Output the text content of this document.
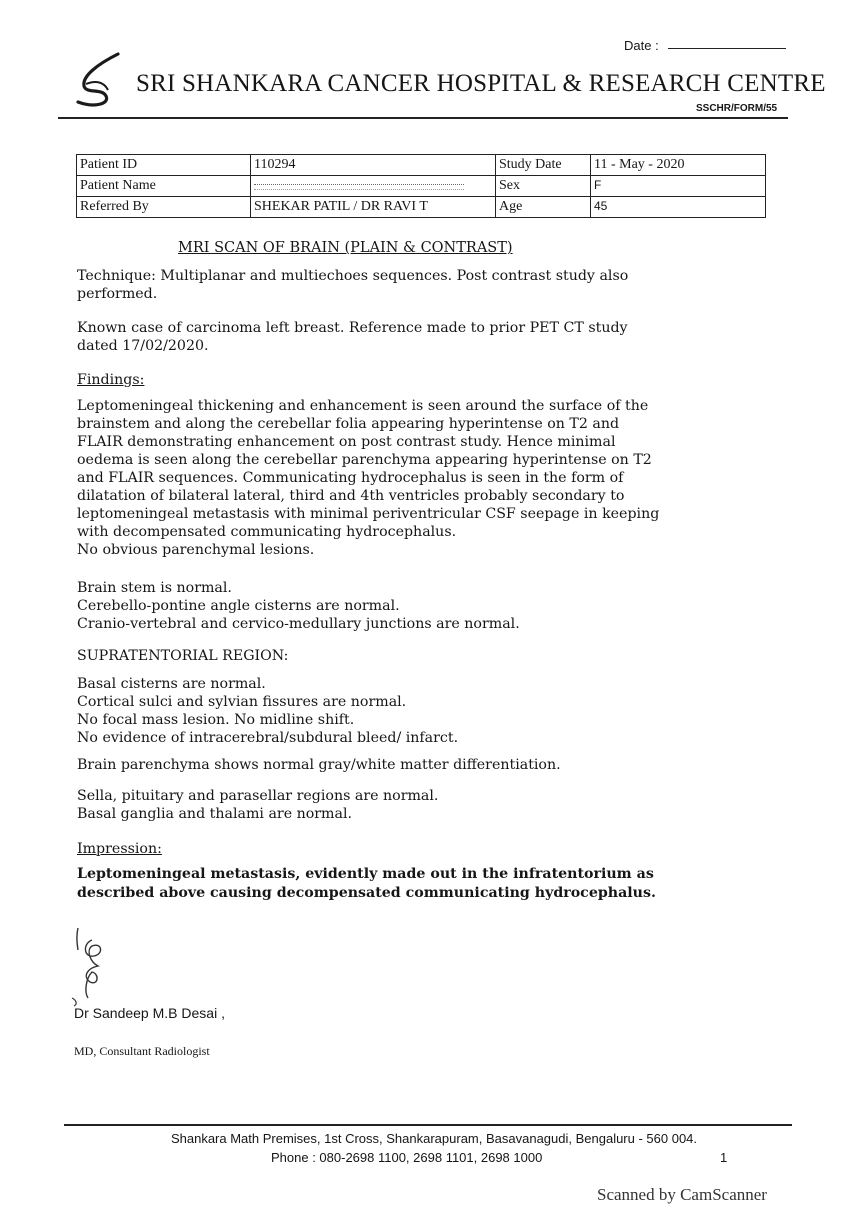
Date :
SRI SHANKARA CANCER HOSPITAL & RESEARCH CENTRE
SSCHR/FORM/55
Patient ID	110294	Study Date	11 - May - 2020
Patient Name		Sex	F
Referred By	SHEKAR PATIL / DR RAVI T	Age	45
MRI SCAN OF BRAIN (PLAIN & CONTRAST)
Technique: Multiplanar and multiechoes sequences. Post contrast study also
performed.
Known case of carcinoma left breast. Reference made to prior PET CT study
dated 17/02/2020.
Findings:
Leptomeningeal thickening and enhancement is seen around the surface of the
brainstem and along the cerebellar folia appearing hyperintense on T2 and
FLAIR demonstrating enhancement on post contrast study. Hence minimal
oedema is seen along the cerebellar parenchyma appearing hyperintense on T2
and FLAIR sequences. Communicating hydrocephalus is seen in the form of
dilatation of bilateral lateral, third and 4th ventricles probably secondary to
leptomeningeal metastasis with minimal periventricular CSF seepage in keeping
with decompensated communicating hydrocephalus.
No obvious parenchymal lesions.
Brain stem is normal.
Cerebello-pontine angle cisterns are normal.
Cranio-vertebral and cervico-medullary junctions are normal.
SUPRATENTORIAL REGION:
Basal cisterns are normal.
Cortical sulci and sylvian fissures are normal.
No focal mass lesion. No midline shift.
No evidence of intracerebral/subdural bleed/ infarct.
Brain parenchyma shows normal gray/white matter differentiation.
Sella, pituitary and parasellar regions are normal.
Basal ganglia and thalami are normal.
Impression:
Leptomeningeal metastasis, evidently made out in the infratentorium as
described above causing decompensated communicating hydrocephalus.
Dr Sandeep M.B Desai ,
MD, Consultant Radiologist
Shankara Math Premises, 1st Cross, Shankarapuram, Basavanagudi, Bengaluru - 560 004.
Phone : 080-2698 1100, 2698 1101, 2698 1000	1
Scanned by CamScanner
